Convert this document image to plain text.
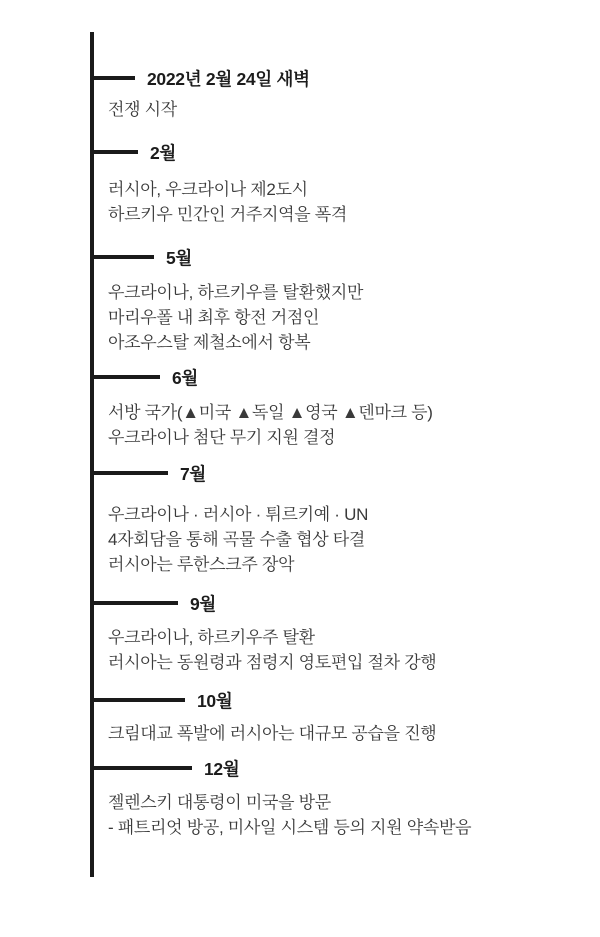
2022년 2월 24일 새벽
전쟁 시작
2월
러시아, 우크라이나 제2도시
하르키우 민간인 거주지역을 폭격
5월
우크라이나, 하르키우를 탈환했지만
마리우폴 내 최후 항전 거점인
아조우스탈 제철소에서 항복
6월
서방 국가(▲미국 ▲독일 ▲영국 ▲덴마크 등)
우크라이나 첨단 무기 지원 결정
7월
우크라이나 · 러시아 · 튀르키예 · UN
4자회담을 통해 곡물 수출 협상 타결
러시아는 루한스크주 장악
9월
우크라이나, 하르키우주 탈환
러시아는 동원령과 점령지 영토편입 절차 강행
10월
크림대교 폭발에 러시아는 대규모 공습을 진행
12월
젤렌스키 대통령이 미국을 방문
- 패트리엇 방공, 미사일 시스템 등의 지원 약속받음
